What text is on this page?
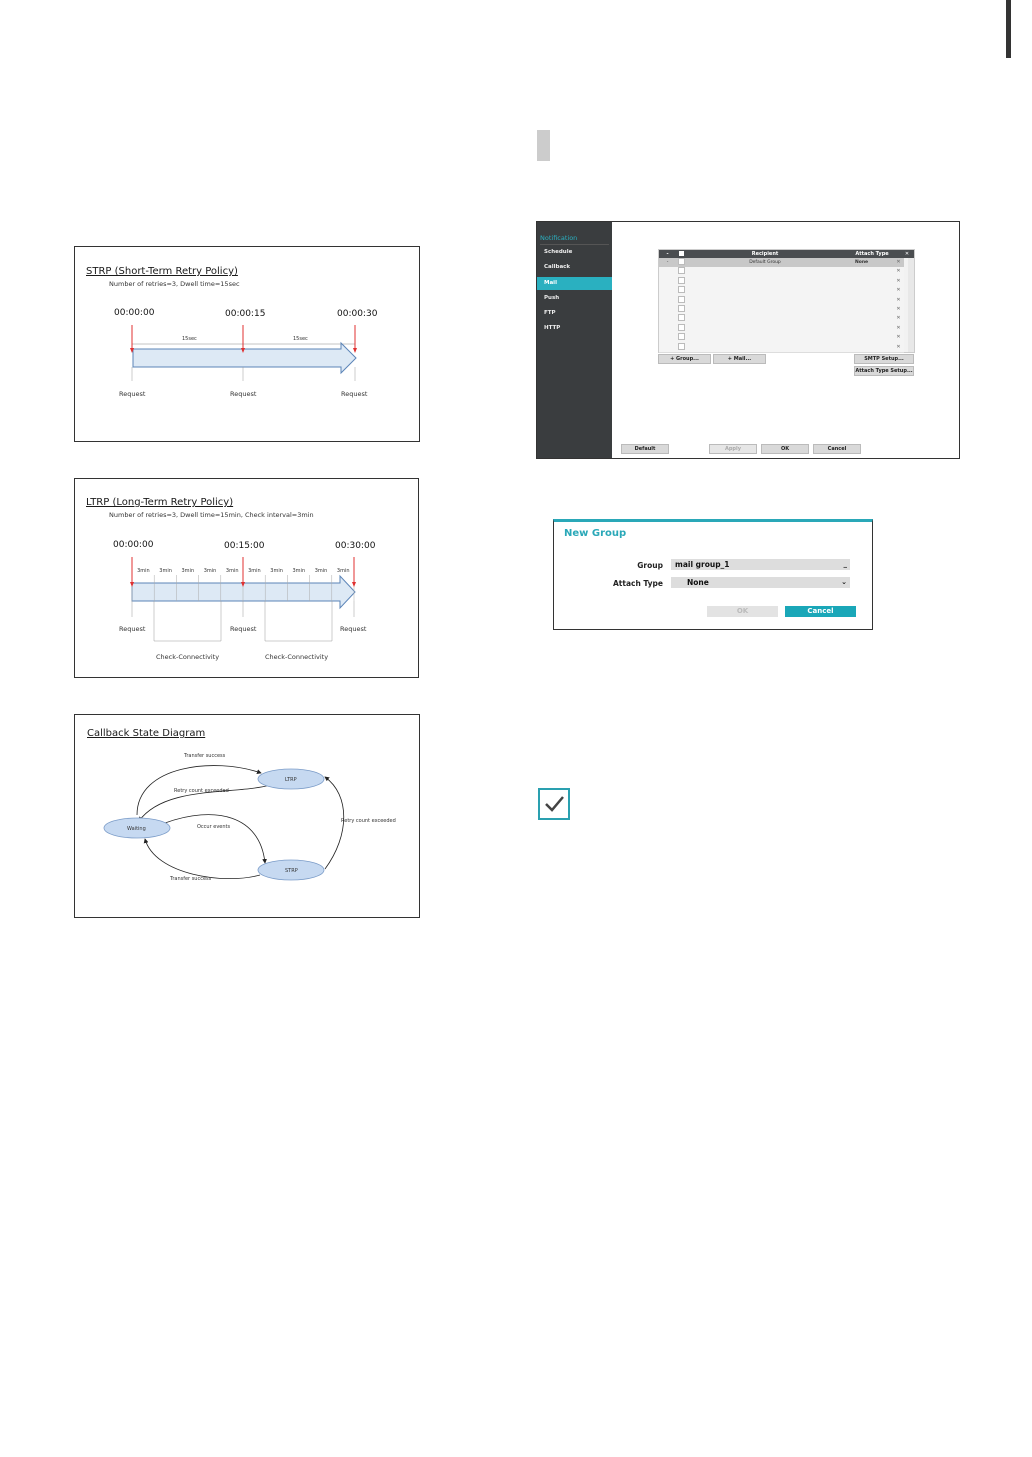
STRP (Short-Term Retry Policy)
Number of retries=3, Dwell time=15sec
00:00:00	00:00:15	00:00:30
15sec	15sec
Request	Request	Request
LTRP (Long-Term Retry Policy)
Number of retries=3, Dwell time=15min, Check interval=3min
00:00:00	00:15:00	00:30:00
Request	Request	Request
Check-Connectivity	Check-Connectivity
3min 3min 3min 3min 3min 3min 3min 3min 3min 3min
Callback State Diagram
LTRP
Waiting
STRP
Transfer success
Retry count exceeded
Occur events
Transfer success
Retry count exceeded
Notification
Schedule
Callback
Mail
Push
FTP
HTTP
-	Recipient	Attach Type	✕
-	Default Group	None	✕
✕
✕
✕
✕
✕
✕
✕
✕
✕
+ Group...	+ Mail...	SMTP Setup...
Attach Type Setup...
Default	Apply	OK	Cancel
New Group
Group	mail group_1	_
Attach Type	None	⌄
OK	Cancel
